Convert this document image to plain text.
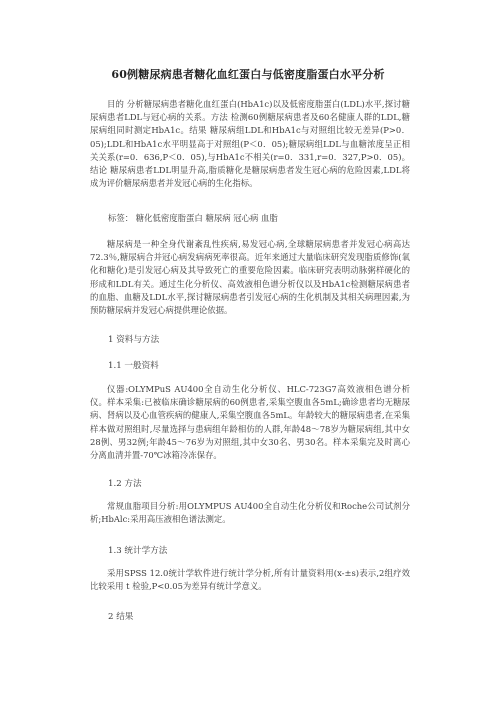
60例糖尿病患者糖化血红蛋白与低密度脂蛋白水平分析
目的 分析糖尿病患者糖化血红蛋白(HbA1c)以及低密度脂蛋白(LDL)水平,探讨糖尿病患者LDL与冠心病的关系。方法 检测60例糖尿病患者及60名健康人群的LDL,糖尿病组同时测定HbA1c。结果 糖尿病组LDL和HbA1c与对照组比较无差异(P>0．05);LDL和HbA1c水平明显高于对照组(P＜0．05);糖尿病组LDL与血糖浓度呈正相关关系(r=0．636,P＜0．05),与HbA1c不相关(r=0．331,r=0．327,P>0．05)。结论 糖尿病患者LDL明显升高,脂质糖化是糖尿病患者发生冠心病的危险因素,LDL将成为评价糖尿病患者并发冠心病的生化指标。
标签： 糖化低密度脂蛋白 糖尿病 冠心病 血脂
糖尿病是一种全身代谢紊乱性疾病,易发冠心病,全球糖尿病患者并发冠心病高达72.3％,糖尿病合并冠心病发病病死率很高。近年来通过大量临床研究发现脂质修饰(氧化和糖化)是引发冠心病及其导致死亡的重要危险因素。临床研究表明动脉粥样硬化的形成和LDL有关。通过生化分析仪、高效液相色谱分析仪以及HbA1c检测糖尿病患者的血脂、血糖及LDL水平,探讨糖尿病患者引发冠心病的生化机制及其相关病理因素,为预防糖尿病并发冠心病提供理论依据。
1 资料与方法
1.1 一般资料
仪器:OLYMPuS AU400全自动生化分析仪、HLC-723G7高效液相色谱分析仪。样本采集:已被临床确诊糖尿病的60例患者,采集空腹血各5mL;确诊患者均无糖尿病、肾病以及心血管疾病的健康人,采集空腹血各5mL。年龄较大的糖尿病患者,在采集样本做对照组时,尽量选择与患病组年龄相仿的人群,年龄48～78岁为糖尿病组,其中女28例、男32例;年龄45～76岁为对照组,其中女30名、男30名。样本采集完及时离心分离血清并置-70℃冰箱冷冻保存。
1.2 方法
常规血脂项目分析:用OLYMPUS AU400全自动生化分析仪和Roche公司试剂分析;HbAlc:采用高压液相色谱法测定。
1.3 统计学方法
采用SPSS 12.0统计学软件进行统计学分析,所有计量资料用(x-±s)表示,2组疗效比较采用 t 检验,P<0.05为差异有统计学意义。
2 结果
